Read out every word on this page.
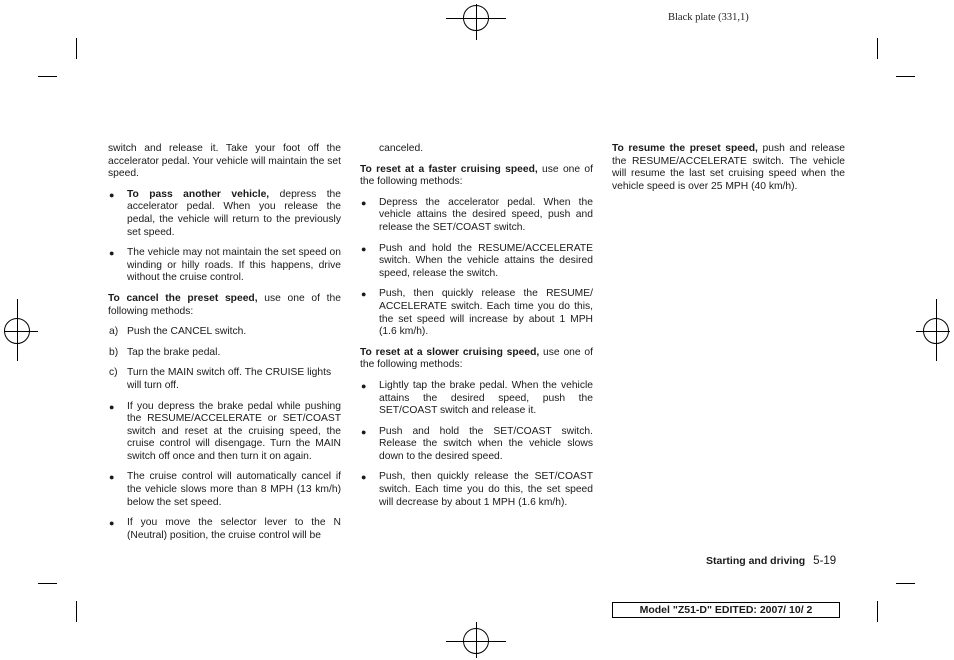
Black plate (331,1)

switch and release it. Take your foot off the accelerator pedal. Your vehicle will maintain the set speed.

● To pass another vehicle, depress the accelerator pedal. When you release the pedal, the vehicle will return to the previously set speed.
● The vehicle may not maintain the set speed on winding or hilly roads. If this happens, drive without the cruise control.

To cancel the preset speed, use one of the following methods:

a) Push the CANCEL switch.
b) Tap the brake pedal.
c) Turn the MAIN switch off. The CRUISE lights will turn off.
● If you depress the brake pedal while pushing the RESUME/ACCELERATE or SET/COAST switch and reset at the cruising speed, the cruise control will disengage. Turn the MAIN switch off once and then turn it on again.
● The cruise control will automatically cancel if the vehicle slows more than 8 MPH (13 km/h) below the set speed.
● If you move the selector lever to the N (Neutral) position, the cruise control will be

canceled.

To reset at a faster cruising speed, use one of the following methods:

● Depress the accelerator pedal. When the vehicle attains the desired speed, push and release the SET/COAST switch.
● Push and hold the RESUME/ACCELERATE switch. When the vehicle attains the desired speed, release the switch.
● Push, then quickly release the RESUME/ ACCELERATE switch. Each time you do this, the set speed will increase by about 1 MPH (1.6 km/h).

To reset at a slower cruising speed, use one of the following methods:

● Lightly tap the brake pedal. When the vehicle attains the desired speed, push the SET/COAST switch and release it.
● Push and hold the SET/COAST switch. Release the switch when the vehicle slows down to the desired speed.
● Push, then quickly release the SET/COAST switch. Each time you do this, the set speed will decrease by about 1 MPH (1.6 km/h).

To resume the preset speed, push and release the RESUME/ACCELERATE switch. The vehicle will resume the last set cruising speed when the vehicle speed is over 25 MPH (40 km/h).

Starting and driving 5-19
Model "Z51-D" EDITED: 2007/ 10/ 2
